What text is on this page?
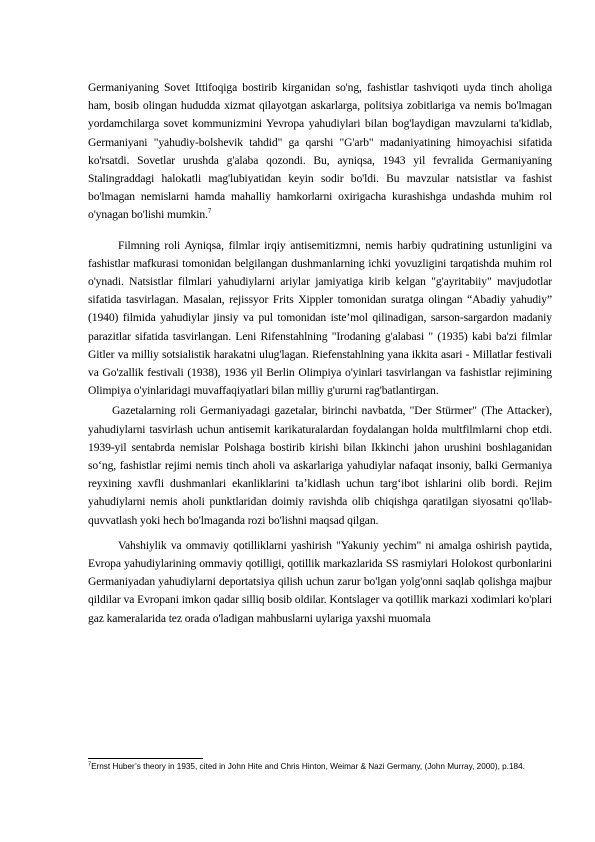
Germaniyaning Sovet Ittifoqiga bostirib kirganidan so'ng, fashistlar tashviqoti uyda tinch aholiga ham, bosib olingan hududda xizmat qilayotgan askarlarga, politsiya zobitlariga va nemis bo'lmagan yordamchilarga sovet kommunizmini Yevropa yahudiylari bilan bog'laydigan mavzularni ta'kidlab, Germaniyani "yahudiy-bolshevik tahdid" ga qarshi "G'arb" madaniyatining himoyachisi sifatida ko'rsatdi. Sovetlar urushda g'alaba qozondi. Bu, ayniqsa, 1943 yil fevralida Germaniyaning Stalingraddagi halokatli mag'lubiyatidan keyin sodir bo'ldi. Bu mavzular natsistlar va fashist bo'lmagan nemislarni hamda mahalliy hamkorlarni oxirigacha kurashishga undashda muhim rol o'ynagan bo'lishi mumkin.$^7$

Filmning roli Ayniqsa, filmlar irqiy antisemitizmni, nemis harbiy qudratining ustunligini va fashistlar mafkurasi tomonidan belgilangan dushmanlarning ichki yovuzligini tarqatishda muhim rol o'ynadi. Natsistlar filmlari yahudiylarni ariylar jamiyatiga kirib kelgan "g'ayritabiiy" mavjudotlar sifatida tasvirlagan. Masalan, rejissyor Frits Xippler tomonidan suratga olingan “Abadiy yahudiy” (1940) filmida yahudiylar jinsiy va pul tomonidan iste’mol qilinadigan, sarson-sargardon madaniy parazitlar sifatida tasvirlangan. Leni Rifenstahlning "Irodaning g'alabasi " (1935) kabi ba'zi filmlar Gitler va milliy sotsialistik harakatni ulug'lagan. Riefenstahlning yana ikkita asari - Millatlar festivali va Go'zallik festivali (1938), 1936 yil Berlin Olimpiya o'yinlari tasvirlangan va fashistlar rejimining Olimpiya o'yinlaridagi muvaffaqiyatlari bilan milliy g'ururni rag'batlantirgan.

Gazetalarning roli Germaniyadagi gazetalar, birinchi navbatda, "Der Stürmer" (The Attacker), yahudiylarni tasvirlash uchun antisemit karikaturalardan foydalangan holda multfilmlarni chop etdi. 1939-yil sentabrda nemislar Polshaga bostirib kirishi bilan Ikkinchi jahon urushini boshlaganidan soʻng, fashistlar rejimi nemis tinch aholi va askarlariga yahudiylar nafaqat insoniy, balki Germaniya reyxining xavfli dushmanlari ekanliklarini taʼkidlash uchun targʻibot ishlarini olib bordi. Rejim yahudiylarni nemis aholi punktlaridan doimiy ravishda olib chiqishga qaratilgan siyosatni qo'llab-quvvatlash yoki hech bo'lmaganda rozi bo'lishni maqsad qilgan.

Vahshiylik va ommaviy qotilliklarni yashirish "Yakuniy yechim" ni amalga oshirish paytida, Evropa yahudiylarining ommaviy qotilligi, qotillik markazlarida SS rasmiylari Holokost qurbonlarini Germaniyadan yahudiylarni deportatsiya qilish uchun zarur bo'lgan yolg'onni saqlab qolishga majbur qildilar va Evropani imkon qadar silliq bosib oldilar. Kontslager va qotillik markazi xodimlari ko'plari gaz kameralarida tez orada o'ladigan mahbuslarni uylariga yaxshi muomala

$^7$Ernst Huber’s theory in 1935, cited in John Hite and Chris Hinton, Weimar & Nazi Germany, (John Murray, 2000), p.184.
